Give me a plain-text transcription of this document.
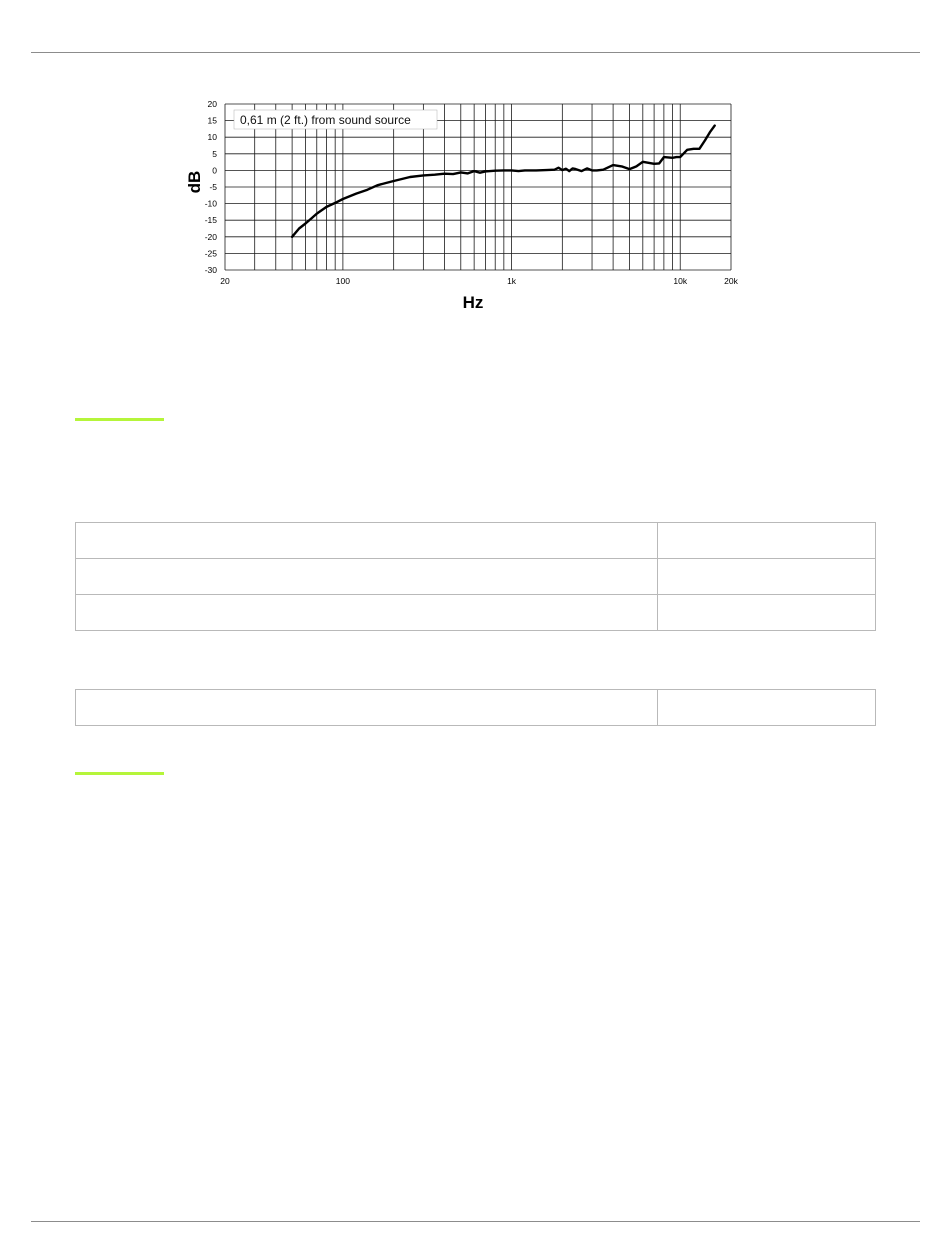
20
15
10
5
0
-5
-10
-15
-20
-25
-30
20	100	1k	10k	20k
0,61 m (2 ft.) from sound source
Hz
dB
